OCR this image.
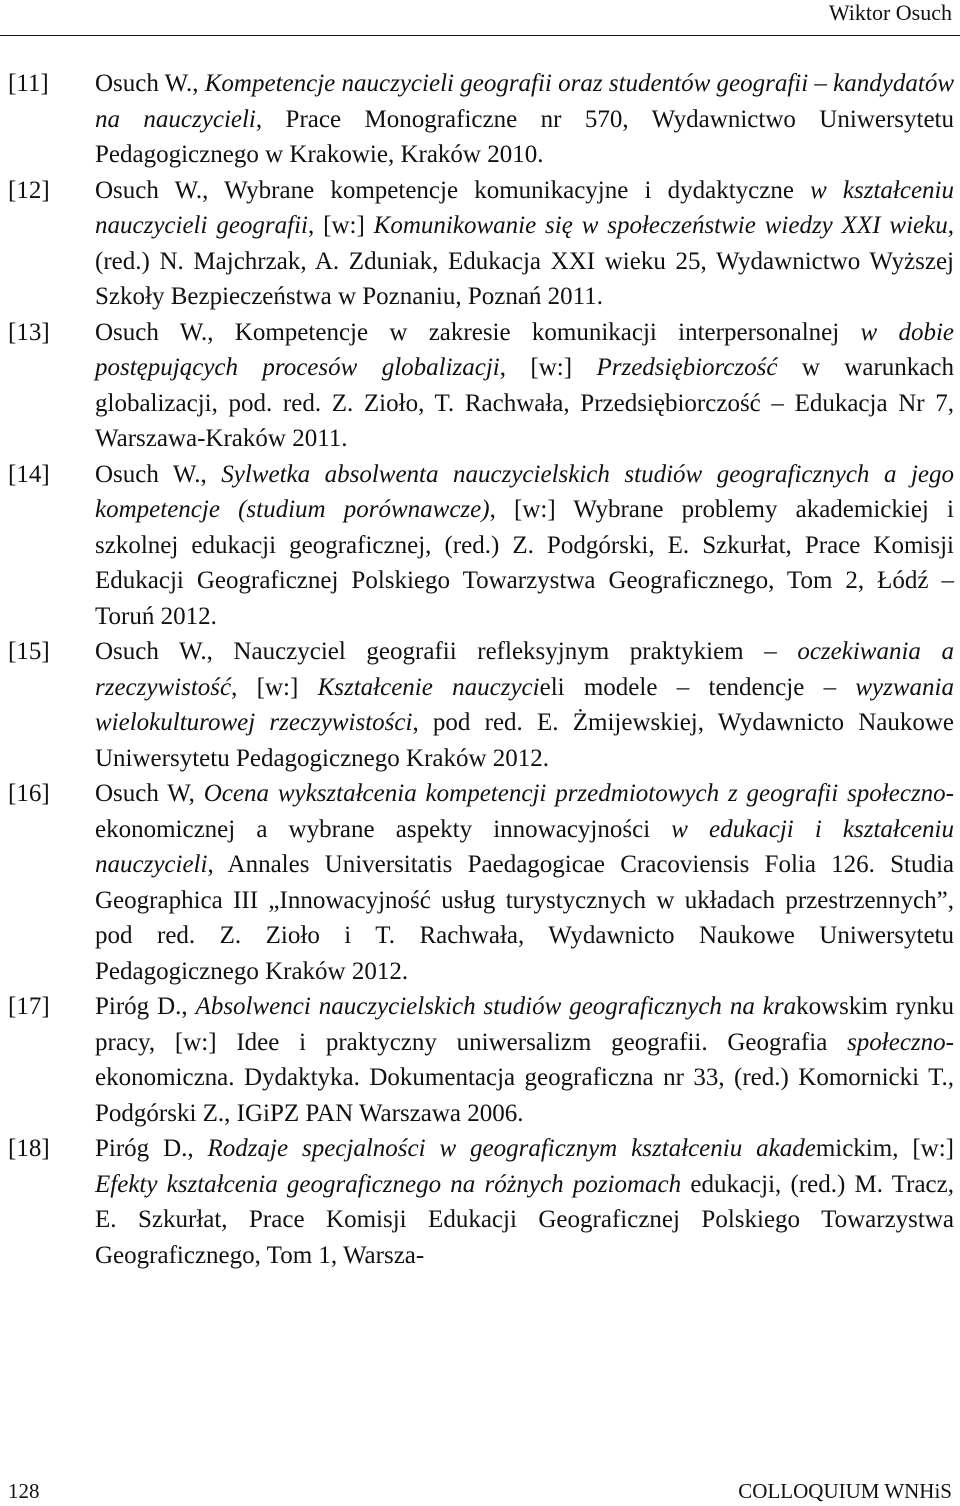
Wiktor Osuch
[11]	Osuch W., Kompetencje nauczycieli geografii oraz studentów geografii – kandydatów na nauczycieli, Prace Monograficzne nr 570, Wydawnictwo Uniwersytetu Pedagogicznego w Krakowie, Kraków 2010.
[12]	Osuch W., Wybrane kompetencje komunikacyjne i dydaktyczne w kształceniu nauczycieli geografii, [w:] Komunikowanie się w społeczeństwie wiedzy XXI wieku, (red.) N. Majchrzak, A. Zduniak, Edukacja XXI wieku 25, Wydawnictwo Wyższej Szkoły Bezpieczeństwa w Poznaniu, Poznań 2011.
[13]	Osuch W., Kompetencje w zakresie komunikacji interpersonalnej w dobie postępujących procesów globalizacji, [w:] Przedsiębiorczość w warunkach globalizacji, pod. red. Z. Zioło, T. Rachwała, Przedsiębiorczość – Edukacja Nr 7, Warszawa-Kraków 2011.
[14]	Osuch W., Sylwetka absolwenta nauczycielskich studiów geograficznych a jego kompetencje (studium porównawcze), [w:] Wybrane problemy akademickiej i szkolnej edukacji geograficznej, (red.) Z. Podgórski, E. Szkurłat, Prace Komisji Edukacji Geograficznej Polskiego Towarzystwa Geograficznego, Tom 2, Łódź – Toruń 2012.
[15]	Osuch W., Nauczyciel geografii refleksyjnym praktykiem – oczekiwania a rzeczywistość, [w:] Kształcenie nauczycieli modele – tendencje – wyzwania wielokulturowej rzeczywistości, pod red. E. Żmijewskiej, Wydawnicto Naukowe Uniwersytetu Pedagogicznego Kraków 2012.
[16]	Osuch W, Ocena wykształcenia kompetencji przedmiotowych z geografii społeczno-ekonomicznej a wybrane aspekty innowacyjności w edukacji i kształceniu nauczycieli, Annales Universitatis Paedagogicae Cracoviensis Folia 126. Studia Geographica III „Innowacyjność usług turystycznych w układach przestrzennych”, pod red. Z. Zioło i T. Rachwała, Wydawnicto Naukowe Uniwersytetu Pedagogicznego Kraków 2012.
[17]	Piróg D., Absolwenci nauczycielskich studiów geograficznych na krakowskim rynku pracy, [w:] Idee i praktyczny uniwersalizm geografii. Geografia społeczno-ekonomiczna. Dydaktyka. Dokumentacja geograficzna nr 33, (red.) Komornicki T., Podgórski Z., IGiPZ PAN Warszawa 2006.
[18]	Piróg D., Rodzaje specjalności w geograficznym kształceniu akademickim, [w:] Efekty kształcenia geograficznego na różnych poziomach edukacji, (red.) M. Tracz, E. Szkurłat, Prace Komisji Edukacji Geograficznej Polskiego Towarzystwa Geograficznego, Tom 1, Warsza-
128	COLLOQUIUM WNHiS
